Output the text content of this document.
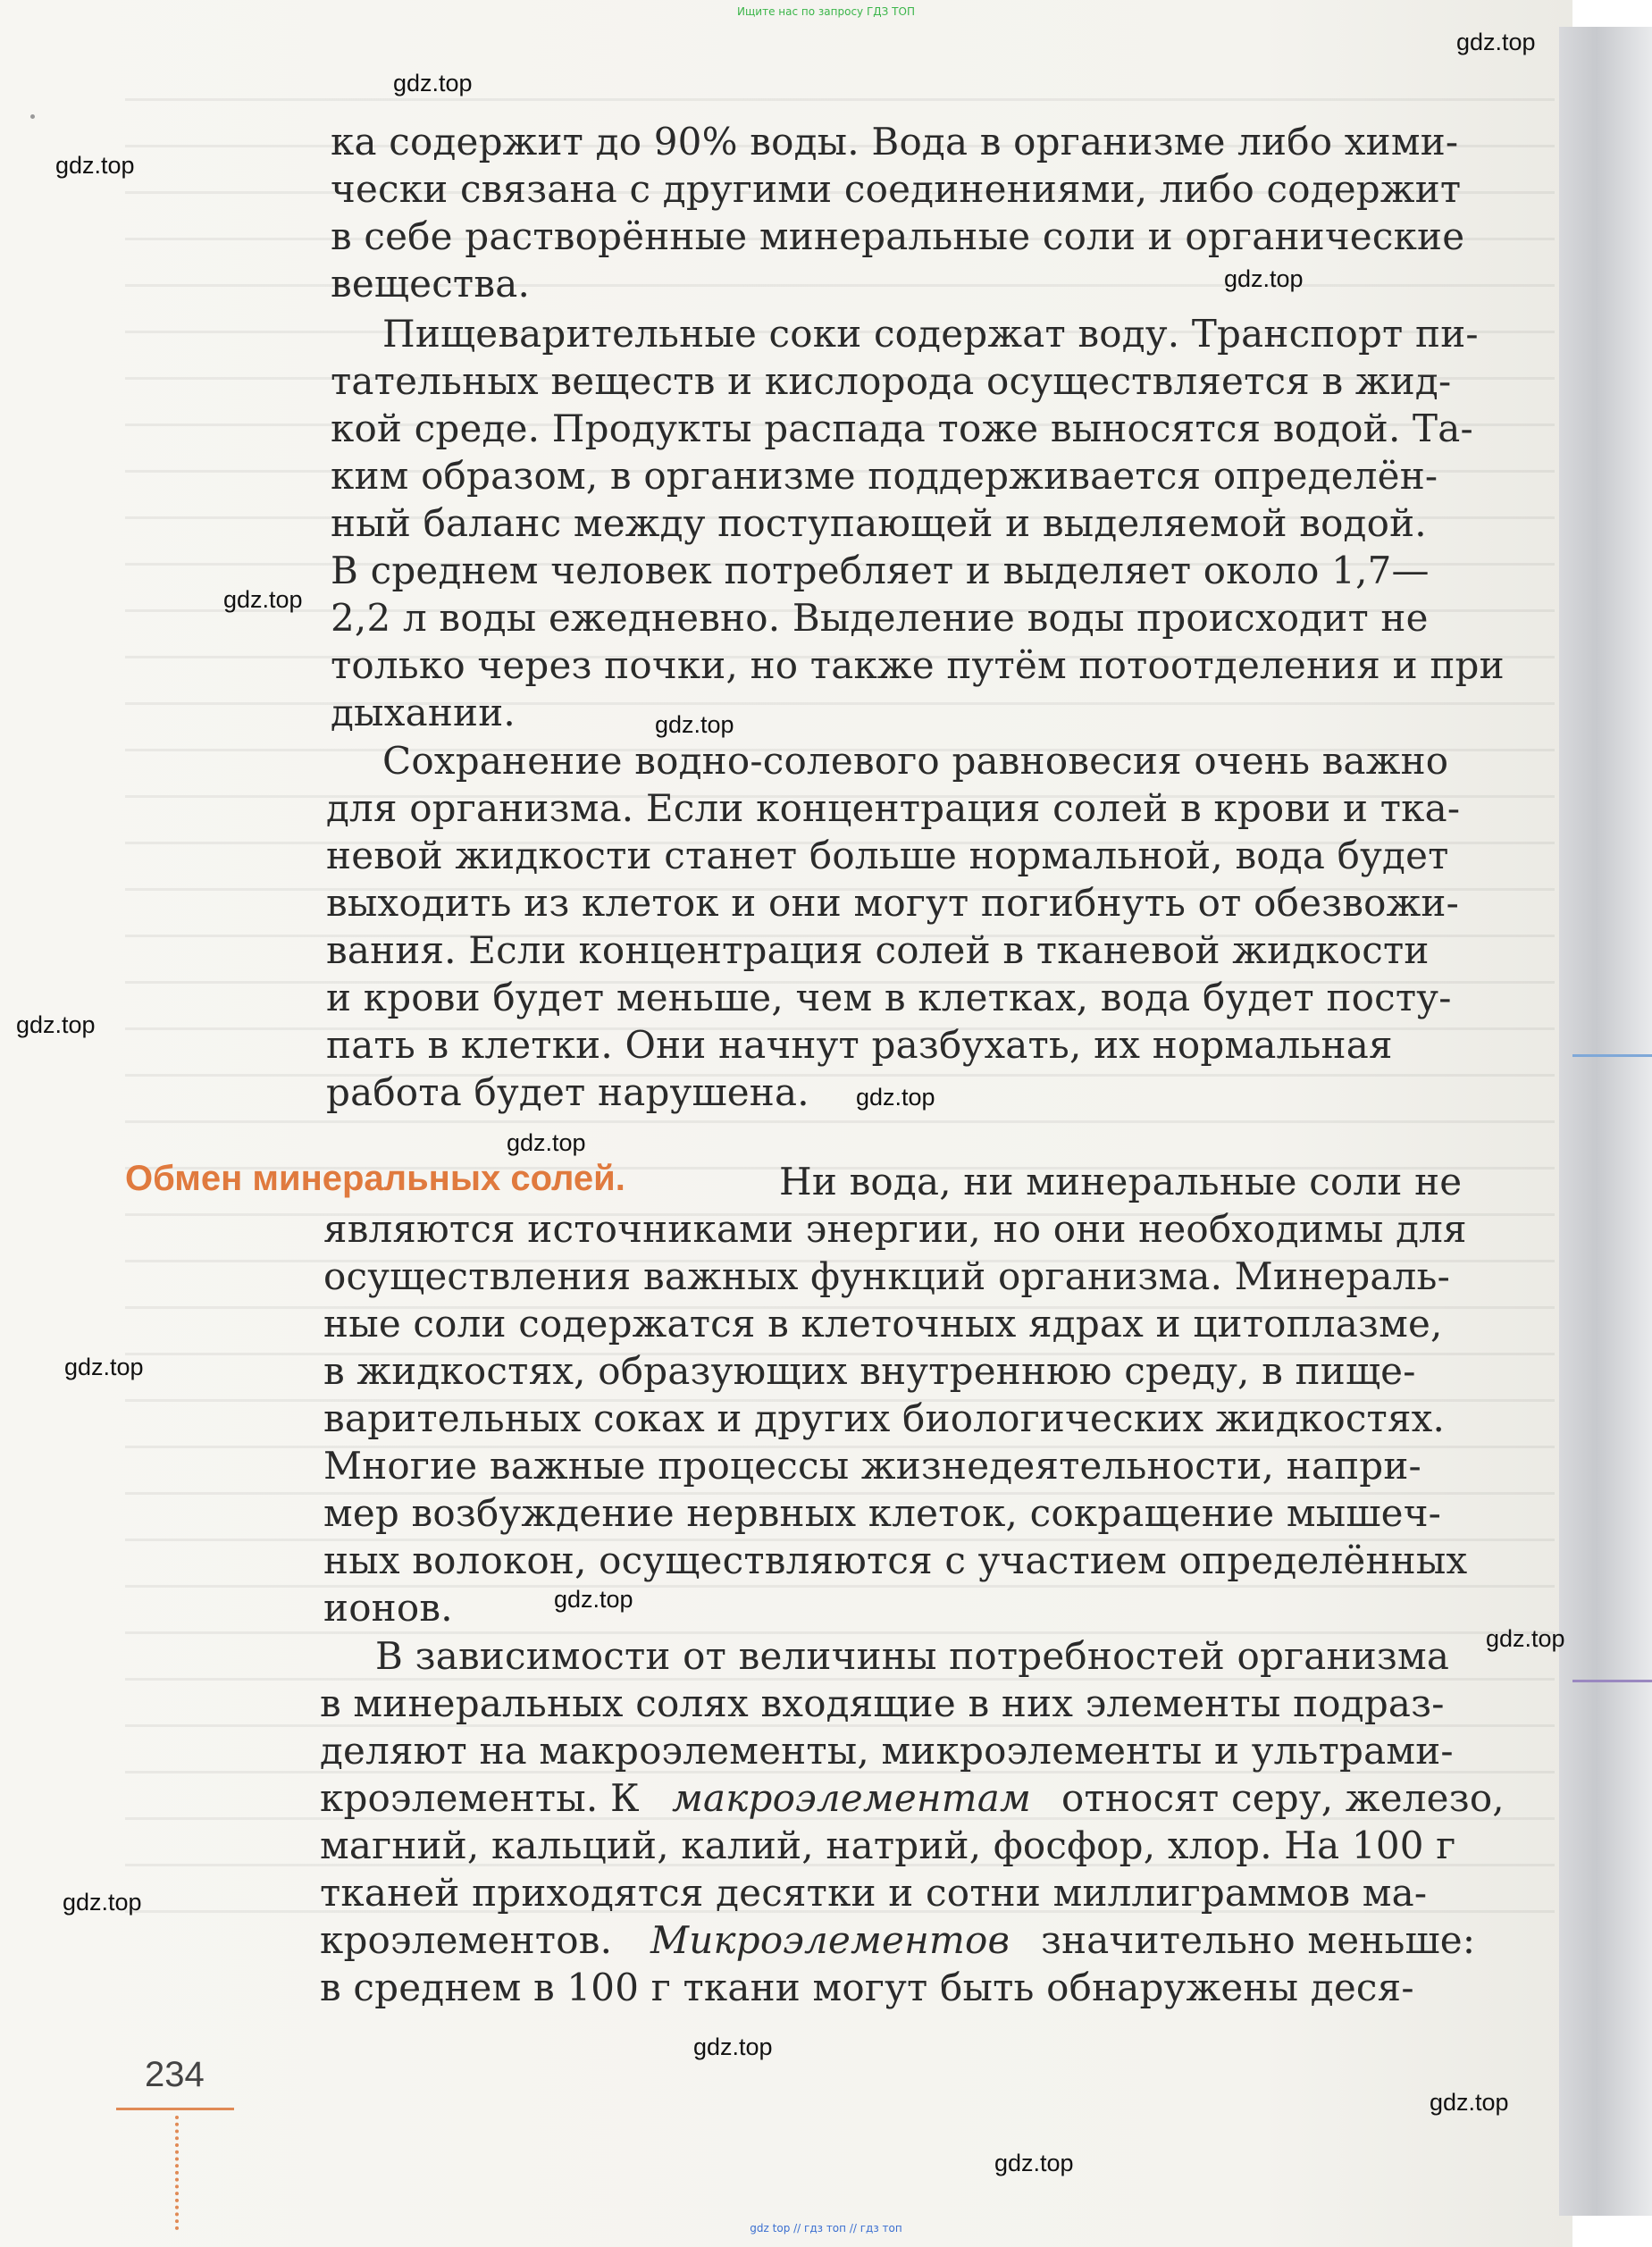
Ищите нас по запросу ГДЗ ТОП
gdz.top
gdz.top
gdz.top
gdz.top
gdz.top
gdz.top
gdz.top
gdz.top
gdz.top
gdz.top
gdz.top
gdz.top
gdz.top
gdz.top
gdz.top
gdz.top
ка содержит до 90% воды. Вода в организме либо хими-
чески связана с другими соединениями, либо содержит
в себе растворённые минеральные соли и органические
вещества.
Пищеварительные соки содержат воду. Транспорт пи-
тательных веществ и кислорода осуществляется в жид-
кой среде. Продукты распада тоже выносятся водой. Та-
ким образом, в организме поддерживается определён-
ный баланс между поступающей и выделяемой водой.
В среднем человек потребляет и выделяет около 1,7—
2,2 л воды ежедневно. Выделение воды происходит не
только через почки, но также путём потоотделения и при
дыхании.
Сохранение водно-солевого равновесия очень важно
для организма. Если концентрация солей в крови и тка-
невой жидкости станет больше нормальной, вода будет
выходить из клеток и они могут погибнуть от обезвожи-
вания. Если концентрация солей в тканевой жидкости
и крови будет меньше, чем в клетках, вода будет посту-
пать в клетки. Они начнут разбухать, их нормальная
работа будет нарушена.
Обмен минеральных солей.	Ни вода, ни минеральные соли не
являются источниками энергии, но они необходимы для
осуществления важных функций организма. Минераль-
ные соли содержатся в клеточных ядрах и цитоплазме,
в жидкостях, образующих внутреннюю среду, в пище-
варительных соках и других биологических жидкостях.
Многие важные процессы жизнедеятельности, напри-
мер возбуждение нервных клеток, сокращение мышеч-
ных волокон, осуществляются с участием определённых
ионов.
В зависимости от величины потребностей организма
в минеральных солях входящие в них элементы подраз-
деляют на макроэлементы, микроэлементы и ультрами-
кроэлементы. К макроэлементам относят серу, железо,
магний, кальций, калий, натрий, фосфор, хлор. На 100 г
тканей приходятся десятки и сотни миллиграммов ма-
кроэлементов. Микроэлементов значительно меньше:
в среднем в 100 г ткани могут быть обнаружены деся-
234
gdz top // гдз топ // гдз топ
